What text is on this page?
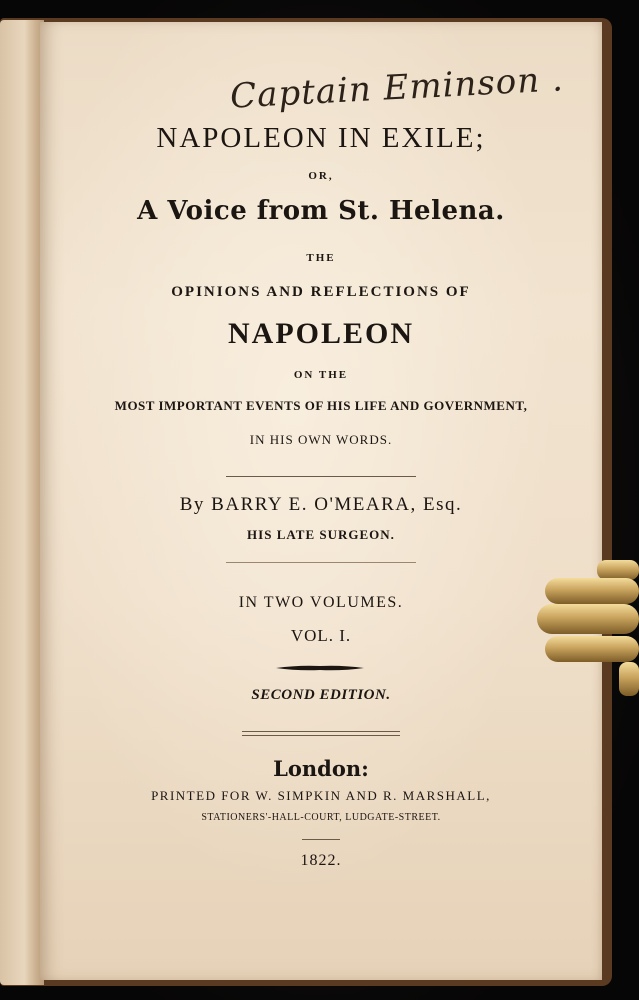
Captain Eminson .
NAPOLEON IN EXILE;
OR,
A Voice from St. Helena.
THE
OPINIONS AND REFLECTIONS OF
NAPOLEON
ON THE
MOST IMPORTANT EVENTS OF HIS LIFE AND GOVERNMENT,
IN HIS OWN WORDS.
By BARRY E. O'MEARA, Esq.
HIS LATE SURGEON.
IN TWO VOLUMES.
VOL. I.
SECOND EDITION.
London:
PRINTED FOR W. SIMPKIN AND R. MARSHALL,
STATIONERS'-HALL-COURT, LUDGATE-STREET.
1822.
